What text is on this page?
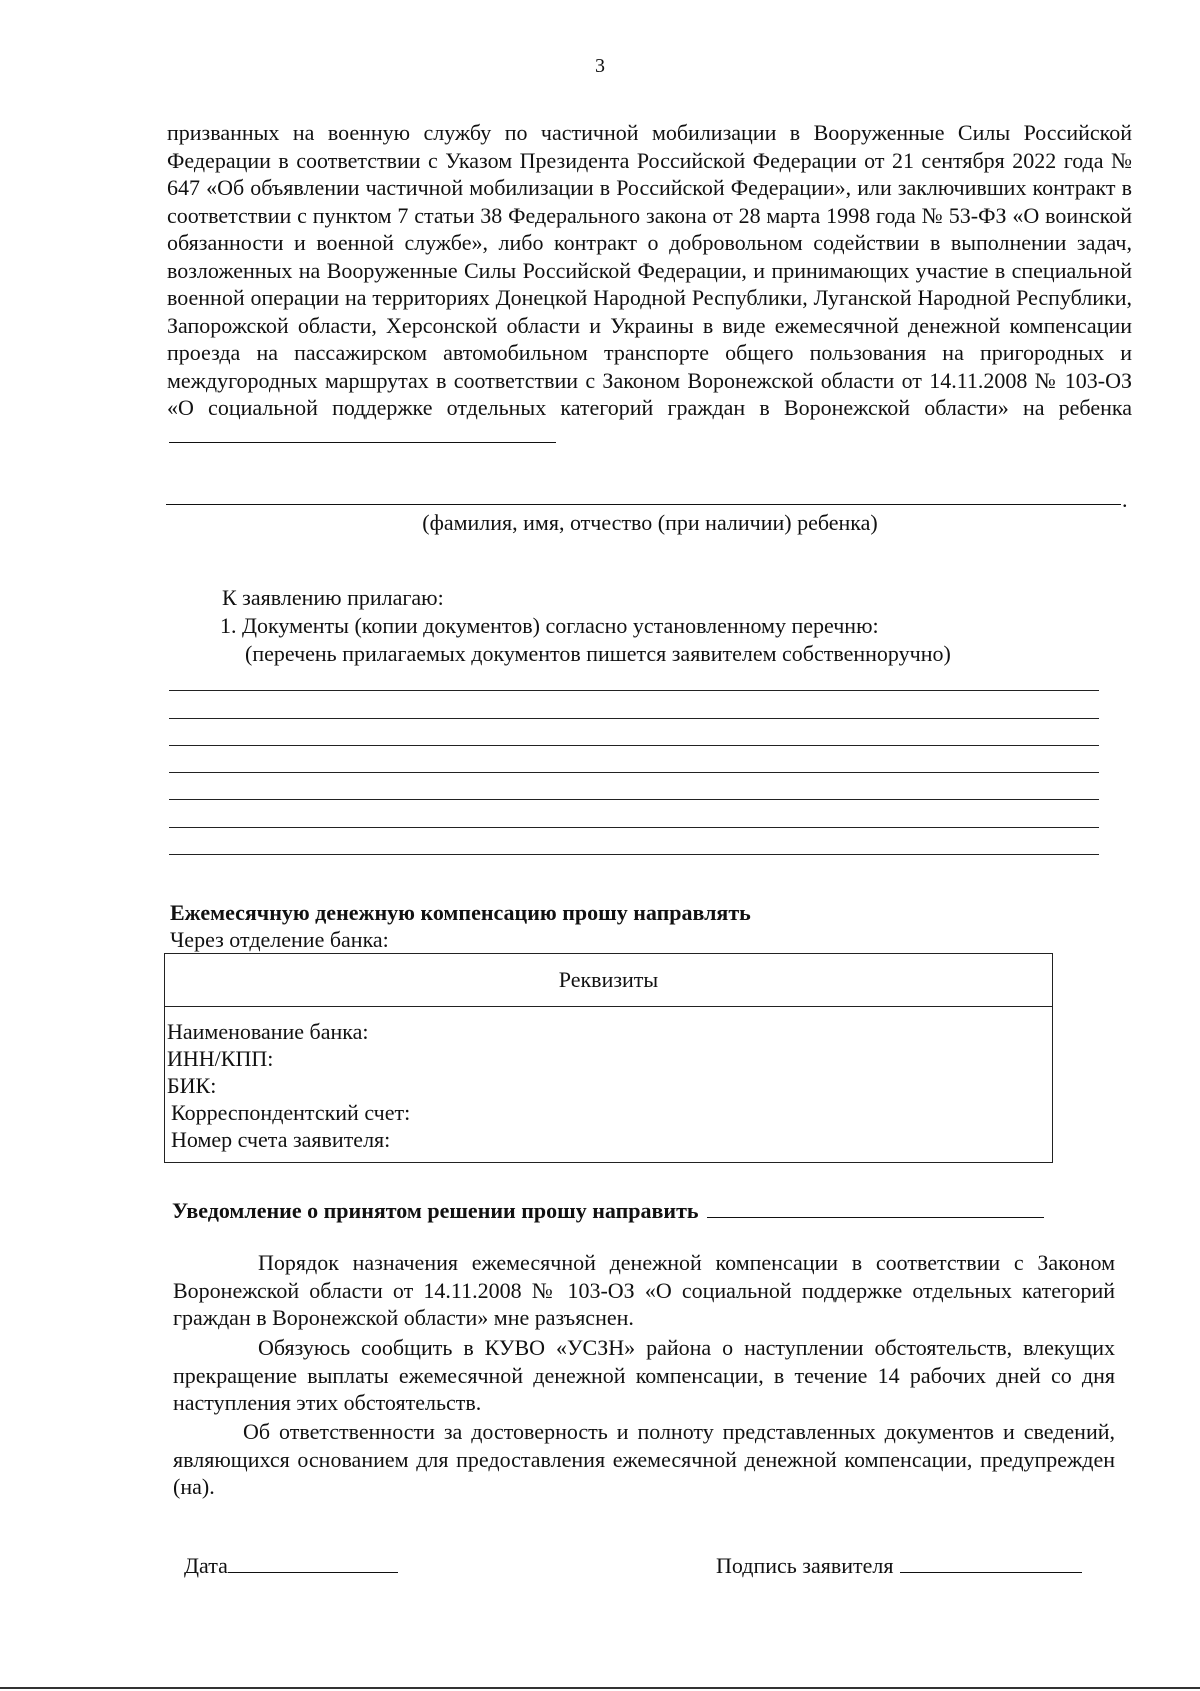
3
призванных на военную службу по частичной мобилизации в Вооруженные Силы Российской Федерации в соответствии с Указом Президента Российской Федерации от 21 сентября 2022 года № 647 «Об объявлении частичной мобилизации в Российской Федерации», или заключивших контракт в соответствии с пунктом 7 статьи 38 Федерального закона от 28 марта 1998 года № 53-ФЗ «О воинской обязанности и военной службе», либо контракт о добровольном содействии в выполнении задач, возложенных на Вооруженные Силы Российской Федерации, и принимающих участие в специальной военной операции на территориях Донецкой Народной Республики, Луганской Народной Республики, Запорожской области, Херсонской области и Украины в виде ежемесячной денежной компенсации проезда на пассажирском автомобильном транспорте общего пользования на пригородных и междугородных маршрутах в соответствии с Законом Воронежской области от 14.11.2008 № 103-ОЗ «О социальной поддержке отдельных категорий граждан в Воронежской области» на ребенка
.
(фамилия, имя, отчество (при наличии) ребенка)
К заявлению прилагаю:
1. Документы (копии документов) согласно установленному перечню:
(перечень прилагаемых документов пишется заявителем собственноручно)
Ежемесячную денежную компенсацию прошу направлять
Через отделение банка:
Реквизиты
Наименование банка:
ИНН/КПП:
БИК:
Корреспондентский счет:
Номер счета заявителя:
Уведомление о принятом решении прошу направить
Порядок назначения ежемесячной денежной компенсации в соответствии с Законом Воронежской области от 14.11.2008 № 103-ОЗ «О социальной поддержке отдельных категорий граждан в Воронежской области» мне разъяснен.
Обязуюсь сообщить в КУВО «УСЗН» района о наступлении обстоятельств, влекущих прекращение выплаты ежемесячной денежной компенсации, в течение 14 рабочих дней со дня наступления этих обстоятельств.
Об ответственности за достоверность и полноту представленных документов и сведений, являющихся основанием для предоставления ежемесячной денежной компенсации, предупрежден (на).
Дата	Подпись заявителя
